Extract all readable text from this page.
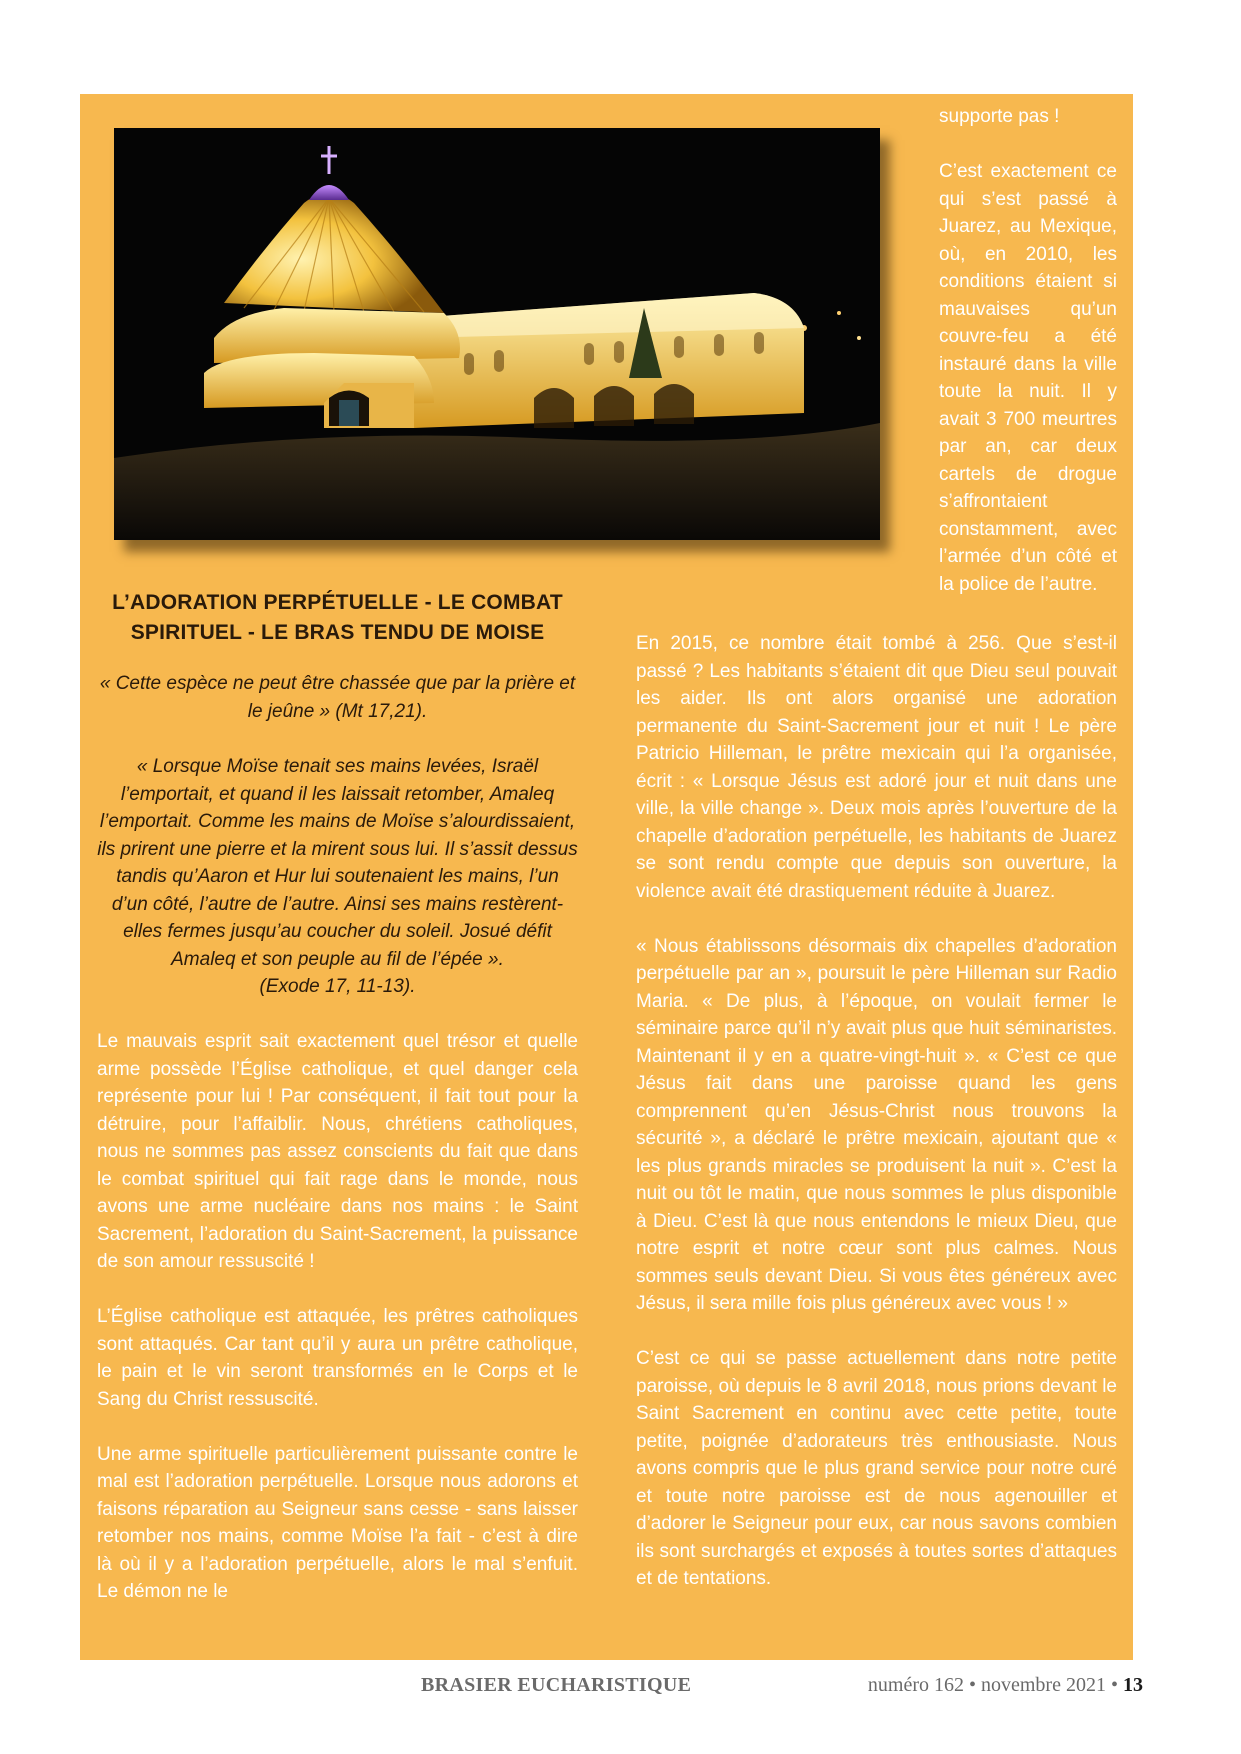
supporte pas !

C’est exactement ce qui s’est passé à Juarez, au Mexique, où, en 2010, les conditions étaient si mauvaises qu’un couvre-feu a été instauré dans la ville toute la nuit. Il y avait 3 700 meurtres par an, car deux cartels de drogue s’affrontaient constamment, avec l’armée d’un côté et la police de l’autre.

L’ADORATION PERPÉTUELLE - LE COMBAT SPIRITUEL - LE BRAS TENDU DE MOISE

« Cette espèce ne peut être chassée que par la prière et le jeûne » (Mt 17,21).

« Lorsque Moïse tenait ses mains levées, Israël l’emportait, et quand il les laissait retomber, Amaleq l’emportait. Comme les mains de Moïse s’alourdissaient, ils prirent une pierre et la mirent sous lui. Il s’assit dessus tandis qu’Aaron et Hur lui soutenaient les mains, l’un d’un côté, l’autre de l’autre. Ainsi ses mains restèrent-elles fermes jusqu’au coucher du soleil. Josué défit Amaleq et son peuple au fil de l’épée ».
(Exode 17, 11-13).

Le mauvais esprit sait exactement quel trésor et quelle arme possède l’Église catholique, et quel danger cela représente pour lui ! Par conséquent, il fait tout pour la détruire, pour l’affaiblir. Nous, chrétiens catholiques, nous ne sommes pas assez conscients du fait que dans le combat spirituel qui fait rage dans le monde, nous avons une arme nucléaire dans nos mains : le Saint Sacrement, l’adoration du Saint-Sacrement, la puissance de son amour ressuscité !

L’Église catholique est attaquée, les prêtres catholiques sont attaqués. Car tant qu’il y aura un prêtre catholique, le pain et le vin seront transformés en le Corps et le Sang du Christ ressuscité.

Une arme spirituelle particulièrement puissante contre le mal est l’adoration perpétuelle. Lorsque nous adorons et faisons réparation au Seigneur sans cesse - sans laisser retomber nos mains, comme Moïse l’a fait - c’est à dire là où il y a l’adoration perpétuelle, alors le mal s’enfuit. Le démon ne le

En 2015, ce nombre était tombé à 256. Que s’est-il passé ? Les habitants s’étaient dit que Dieu seul pouvait les aider. Ils ont alors organisé une adoration permanente du Saint-Sacrement jour et nuit ! Le père Patricio Hilleman, le prêtre mexicain qui l’a organisée, écrit : « Lorsque Jésus est adoré jour et nuit dans une ville, la ville change ». Deux mois après l’ouverture de la chapelle d’adoration perpétuelle, les habitants de Juarez se sont rendu compte que depuis son ouverture, la violence avait été drastiquement réduite à Juarez.

« Nous établissons désormais dix chapelles d’adoration perpétuelle par an », poursuit le père Hilleman sur Radio Maria. « De plus, à l’époque, on voulait fermer le séminaire parce qu’il n’y avait plus que huit séminaristes. Maintenant il y en a quatre-vingt-huit ». « C’est ce que Jésus fait dans une paroisse quand les gens comprennent qu’en Jésus-Christ nous trouvons la sécurité », a déclaré le prêtre mexicain, ajoutant que « les plus grands miracles se produisent la nuit ». C’est la nuit ou tôt le matin, que nous sommes le plus disponible à Dieu. C’est là que nous entendons le mieux Dieu, que notre esprit et notre cœur sont plus calmes. Nous sommes seuls devant Dieu. Si vous êtes généreux avec Jésus, il sera mille fois plus généreux avec vous ! »

C’est ce qui se passe actuellement dans notre petite paroisse, où depuis le 8 avril 2018, nous prions devant le Saint Sacrement en continu avec cette petite, toute petite, poignée d’adorateurs très enthousiaste. Nous avons compris que le plus grand service pour notre curé et toute notre paroisse est de nous agenouiller et d’adorer le Seigneur pour eux, car nous savons combien ils sont surchargés et exposés à toutes sortes d’attaques et de tentations.

BRASIER EUCHARISTIQUE	numéro 162 • novembre 2021 • 13
